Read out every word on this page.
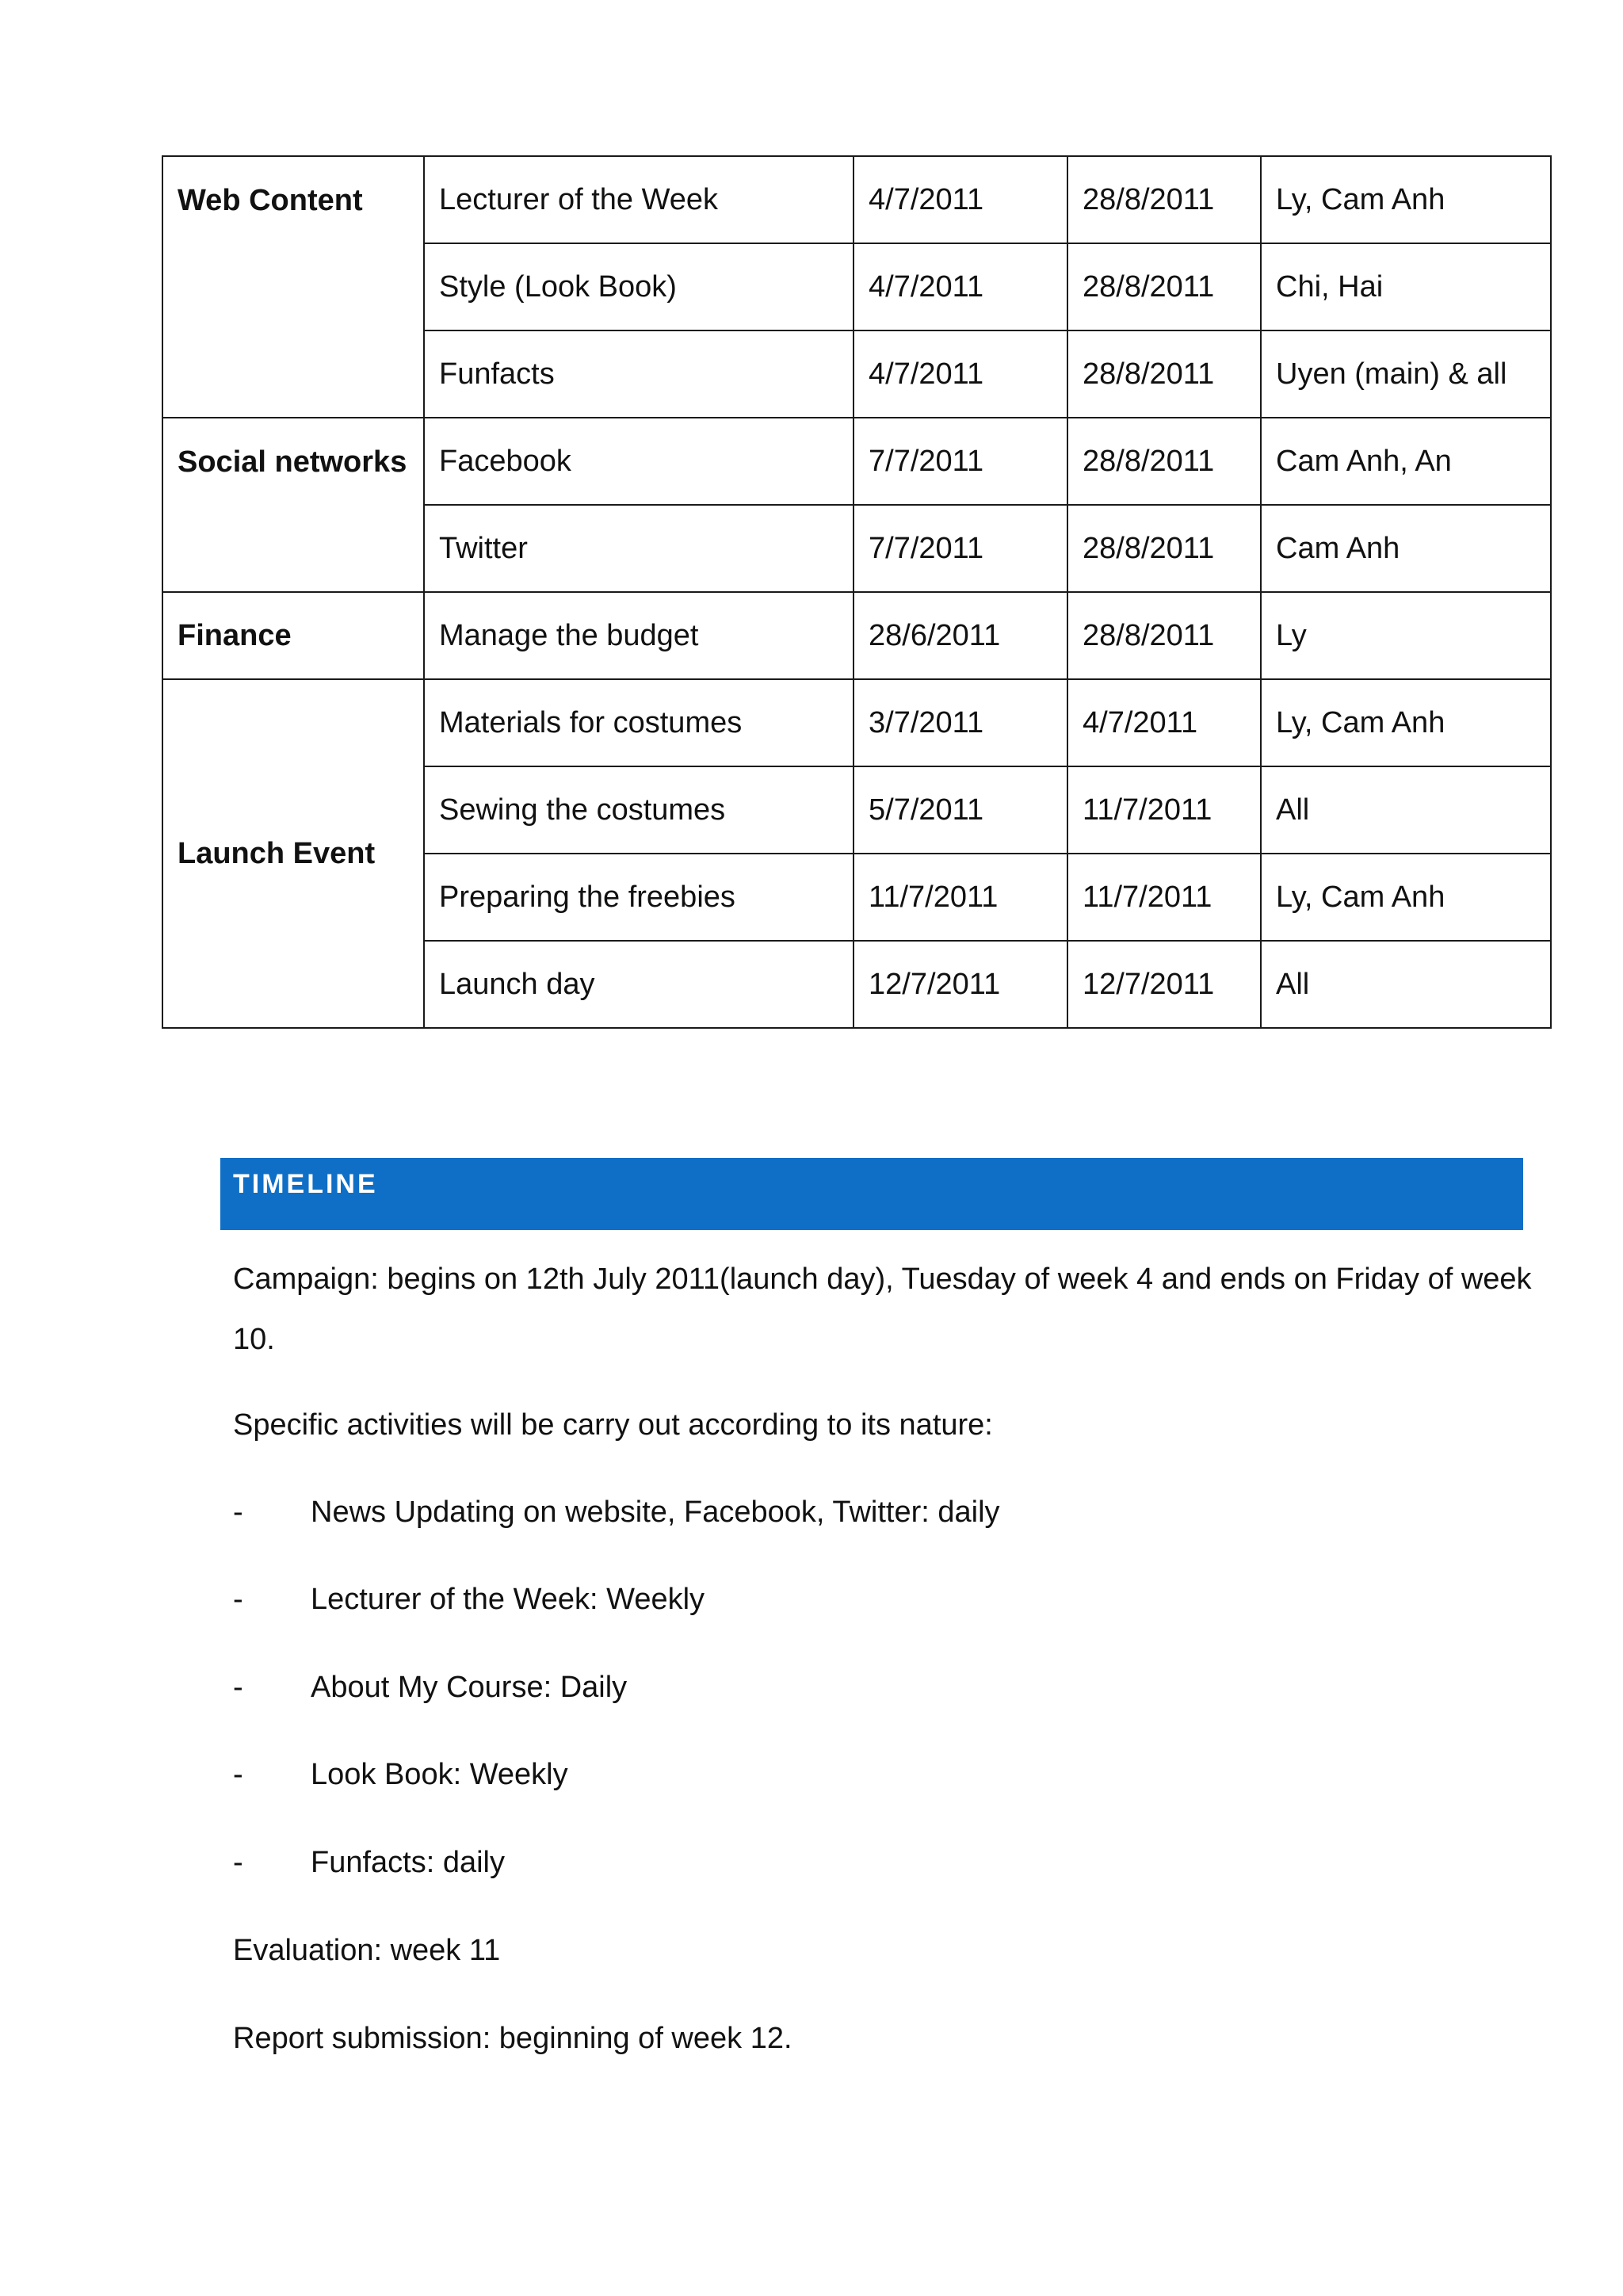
Web Content	Lecturer of the Week	4/7/2011	28/8/2011	Ly, Cam Anh
	Style (Look Book)	4/7/2011	28/8/2011	Chi, Hai
	Funfacts	4/7/2011	28/8/2011	Uyen (main) & all
Social networks	Facebook	7/7/2011	28/8/2011	Cam Anh, An
	Twitter	7/7/2011	28/8/2011	Cam Anh
Finance	Manage the budget	28/6/2011	28/8/2011	Ly
Launch Event	Materials for costumes	3/7/2011	4/7/2011	Ly, Cam Anh
	Sewing the costumes	5/7/2011	11/7/2011	All
	Preparing the freebies	11/7/2011	11/7/2011	Ly, Cam Anh
	Launch day	12/7/2011	12/7/2011	All
TIMELINE

Campaign: begins on 12th July 2011(launch day), Tuesday of week 4 and ends on Friday of week 10.

Specific activities will be carry out according to its nature:

- News Updating on website, Facebook, Twitter: daily
- Lecturer of the Week: Weekly
- About My Course: Daily
- Look Book: Weekly
- Funfacts: daily

Evaluation: week 11

Report submission: beginning of week 12.
